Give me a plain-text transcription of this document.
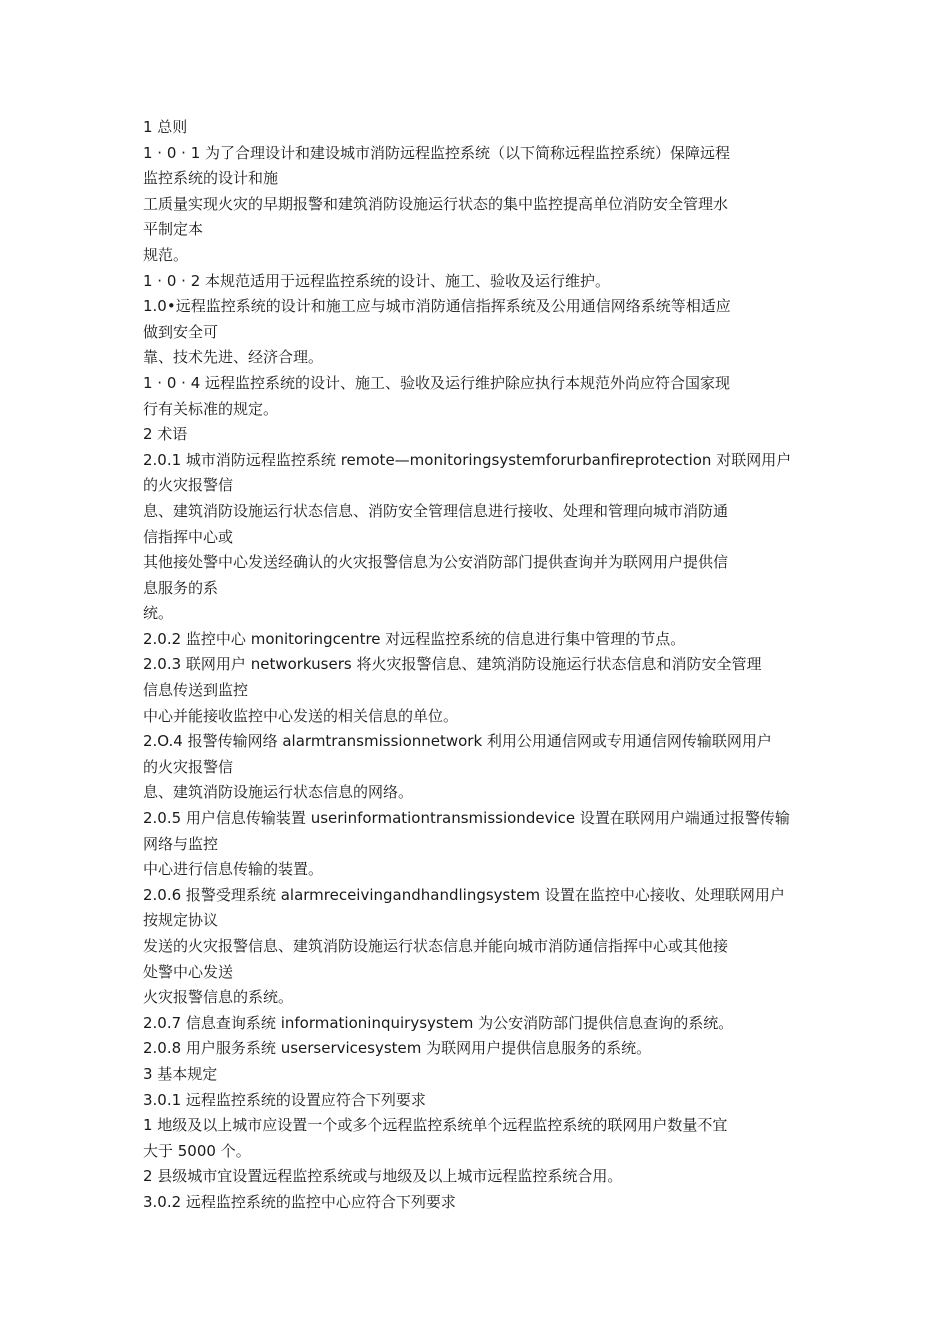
1 总则
1 · 0 · 1 为了合理设计和建设城市消防远程监控系统（以下简称远程监控系统）保障远程
监控系统的设计和施
工质量实现火灾的早期报警和建筑消防设施运行状态的集中监控提高单位消防安全管理水
平制定本
规范。
1 · 0 · 2 本规范适用于远程监控系统的设计、施工、验收及运行维护。
1.0•远程监控系统的设计和施工应与城市消防通信指挥系统及公用通信网络系统等相适应
做到安全可
靠、技术先进、经济合理。
1 · 0 · 4 远程监控系统的设计、施工、验收及运行维护除应执行本规范外尚应符合国家现
行有关标准的规定。
2 术语
2.0.1 城市消防远程监控系统 remote—monitoringsystemforurbanfireprotection 对联网用户
的火灾报警信
息、建筑消防设施运行状态信息、消防安全管理信息进行接收、处理和管理向城市消防通
信指挥中心或
其他接处警中心发送经确认的火灾报警信息为公安消防部门提供查询并为联网用户提供信
息服务的系
统。
2.0.2 监控中心 monitoringcentre 对远程监控系统的信息进行集中管理的节点。
2.0.3 联网用户 networkusers 将火灾报警信息、建筑消防设施运行状态信息和消防安全管理
信息传送到监控
中心并能接收监控中心发送的相关信息的单位。
2.O.4 报警传输网络 alarmtransmissionnetwork 利用公用通信网或专用通信网传输联网用户
的火灾报警信
息、建筑消防设施运行状态信息的网络。
2.0.5 用户信息传输装置 userinformationtransmissiondevice 设置在联网用户端通过报警传输
网络与监控
中心进行信息传输的装置。
2.0.6 报警受理系统 alarmreceivingandhandlingsystem 设置在监控中心接收、处理联网用户
按规定协议
发送的火灾报警信息、建筑消防设施运行状态信息并能向城市消防通信指挥中心或其他接
处警中心发送
火灾报警信息的系统。
2.0.7 信息查询系统 informationinquirysystem 为公安消防部门提供信息查询的系统。
2.0.8 用户服务系统 userservicesystem 为联网用户提供信息服务的系统。
3 基本规定
3.0.1 远程监控系统的设置应符合下列要求
1 地级及以上城市应设置一个或多个远程监控系统单个远程监控系统的联网用户数量不宜
大于 5000 个。
2 县级城市宜设置远程监控系统或与地级及以上城市远程监控系统合用。
3.0.2 远程监控系统的监控中心应符合下列要求
